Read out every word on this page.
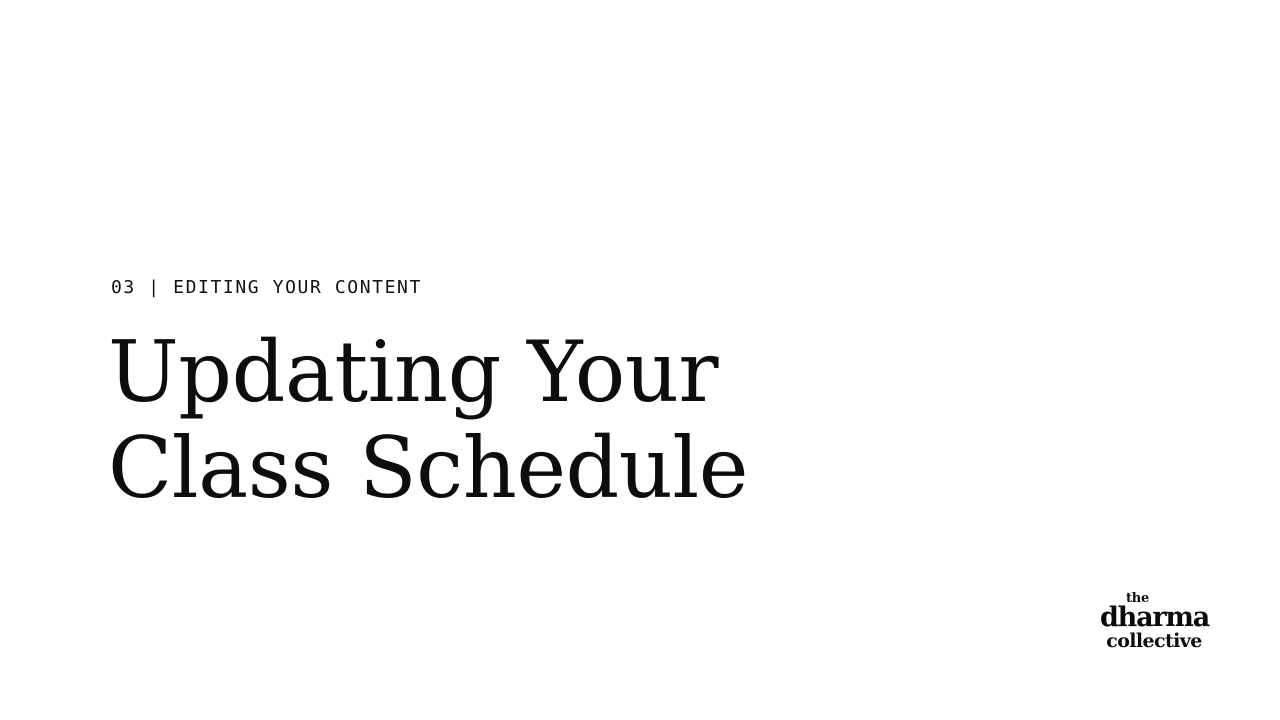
03 | EDITING YOUR CONTENT
Updating Your
Class Schedule
the
dharma
collective
